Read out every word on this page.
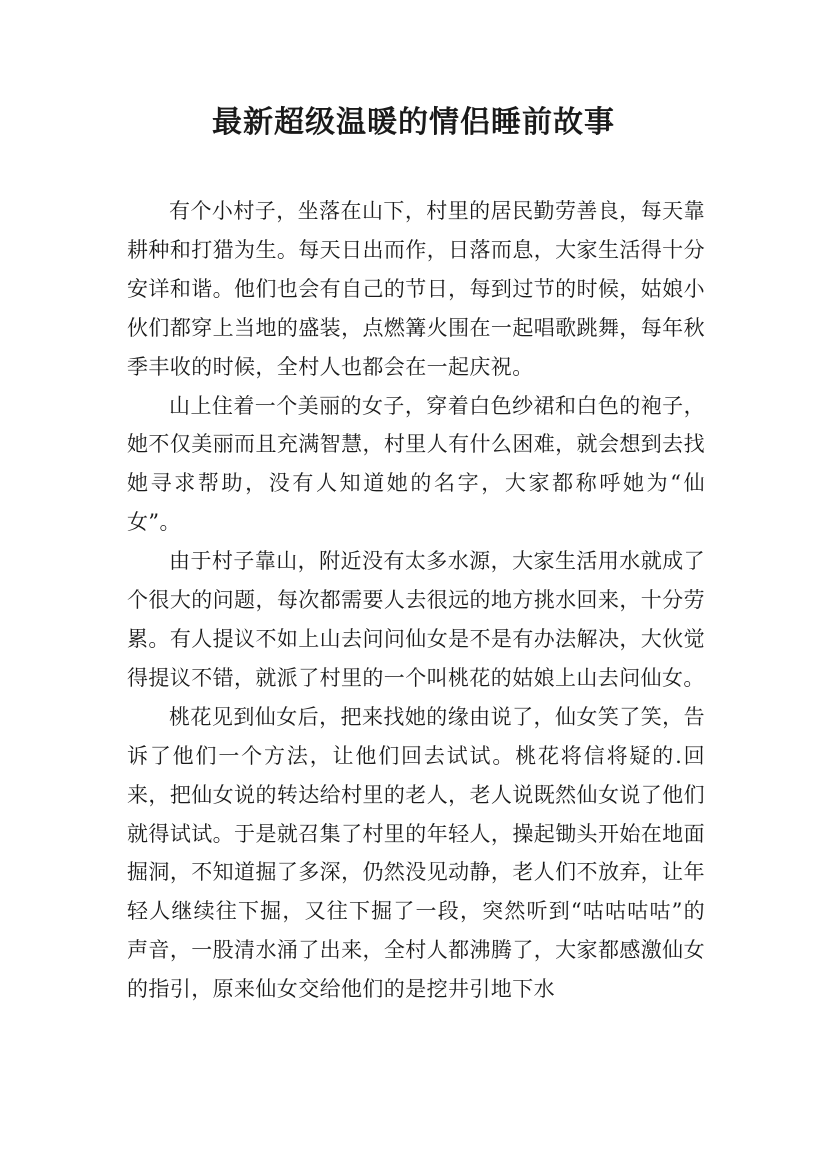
最新超级温暖的情侣睡前故事

有个小村子，坐落在山下，村里的居民勤劳善良，每天靠耕种和打猎为生。每天日出而作，日落而息，大家生活得十分安详和谐。他们也会有自己的节日，每到过节的时候，姑娘小伙们都穿上当地的盛装，点燃篝火围在一起唱歌跳舞，每年秋季丰收的时候，全村人也都会在一起庆祝。

山上住着一个美丽的女子，穿着白色纱裙和白色的袍子，她不仅美丽而且充满智慧，村里人有什么困难，就会想到去找她寻求帮助，没有人知道她的名字，大家都称呼她为“仙女”。

由于村子靠山，附近没有太多水源，大家生活用水就成了个很大的问题，每次都需要人去很远的地方挑水回来，十分劳累。有人提议不如上山去问问仙女是不是有办法解决，大伙觉得提议不错，就派了村里的一个叫桃花的姑娘上山去问仙女。

桃花见到仙女后，把来找她的缘由说了，仙女笑了笑，告诉了他们一个方法，让他们回去试试。桃花将信将疑的.回来，把仙女说的转达给村里的老人，老人说既然仙女说了他们就得试试。于是就召集了村里的年轻人，操起锄头开始在地面掘洞，不知道掘了多深，仍然没见动静，老人们不放弃，让年轻人继续往下掘，又往下掘了一段，突然听到“咕咕咕咕”的声音，一股清水涌了出来，全村人都沸腾了，大家都感激仙女的指引，原来仙女交给他们的是挖井引地下水
